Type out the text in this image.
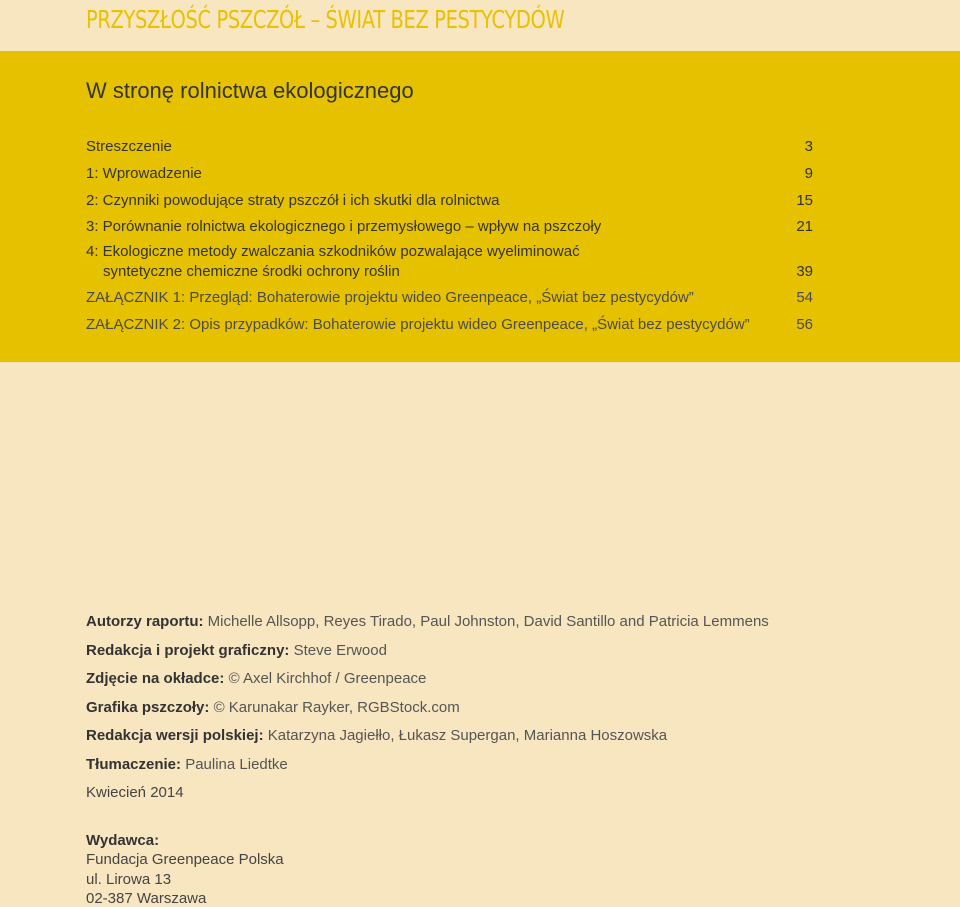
PRZYSZŁOŚĆ PSZCZÓŁ – ŚWIAT BEZ PESTYCYDÓW
W stronę rolnictwa ekologicznego
Streszczenie	3
1: Wprowadzenie	9
2: Czynniki powodujące straty pszczół i ich skutki dla rolnictwa	15
3: Porównanie rolnictwa ekologicznego i przemysłowego – wpływ na pszczoły	21
4: Ekologiczne metody zwalczania szkodników pozwalające wyeliminować
syntetyczne chemiczne środki ochrony roślin	39
ZAŁĄCZNIK 1: Przegląd: Bohaterowie projektu wideo Greenpeace, „Świat bez pestycydów”	54
ZAŁĄCZNIK 2: Opis przypadków: Bohaterowie projektu wideo Greenpeace, „Świat bez pestycydów”	56
Autorzy raportu: Michelle Allsopp, Reyes Tirado, Paul Johnston, David Santillo and Patricia Lemmens
Redakcja i projekt graficzny: Steve Erwood
Zdjęcie na okładce: © Axel Kirchhof / Greenpeace
Grafika pszczoły: © Karunakar Rayker, RGBStock.com
Redakcja wersji polskiej: Katarzyna Jagiełło, Łukasz Supergan, Marianna Hoszowska
Tłumaczenie: Paulina Liedtke
Kwiecień 2014
Wydawca:
Fundacja Greenpeace Polska
ul. Lirowa 13
02-387 Warszawa
